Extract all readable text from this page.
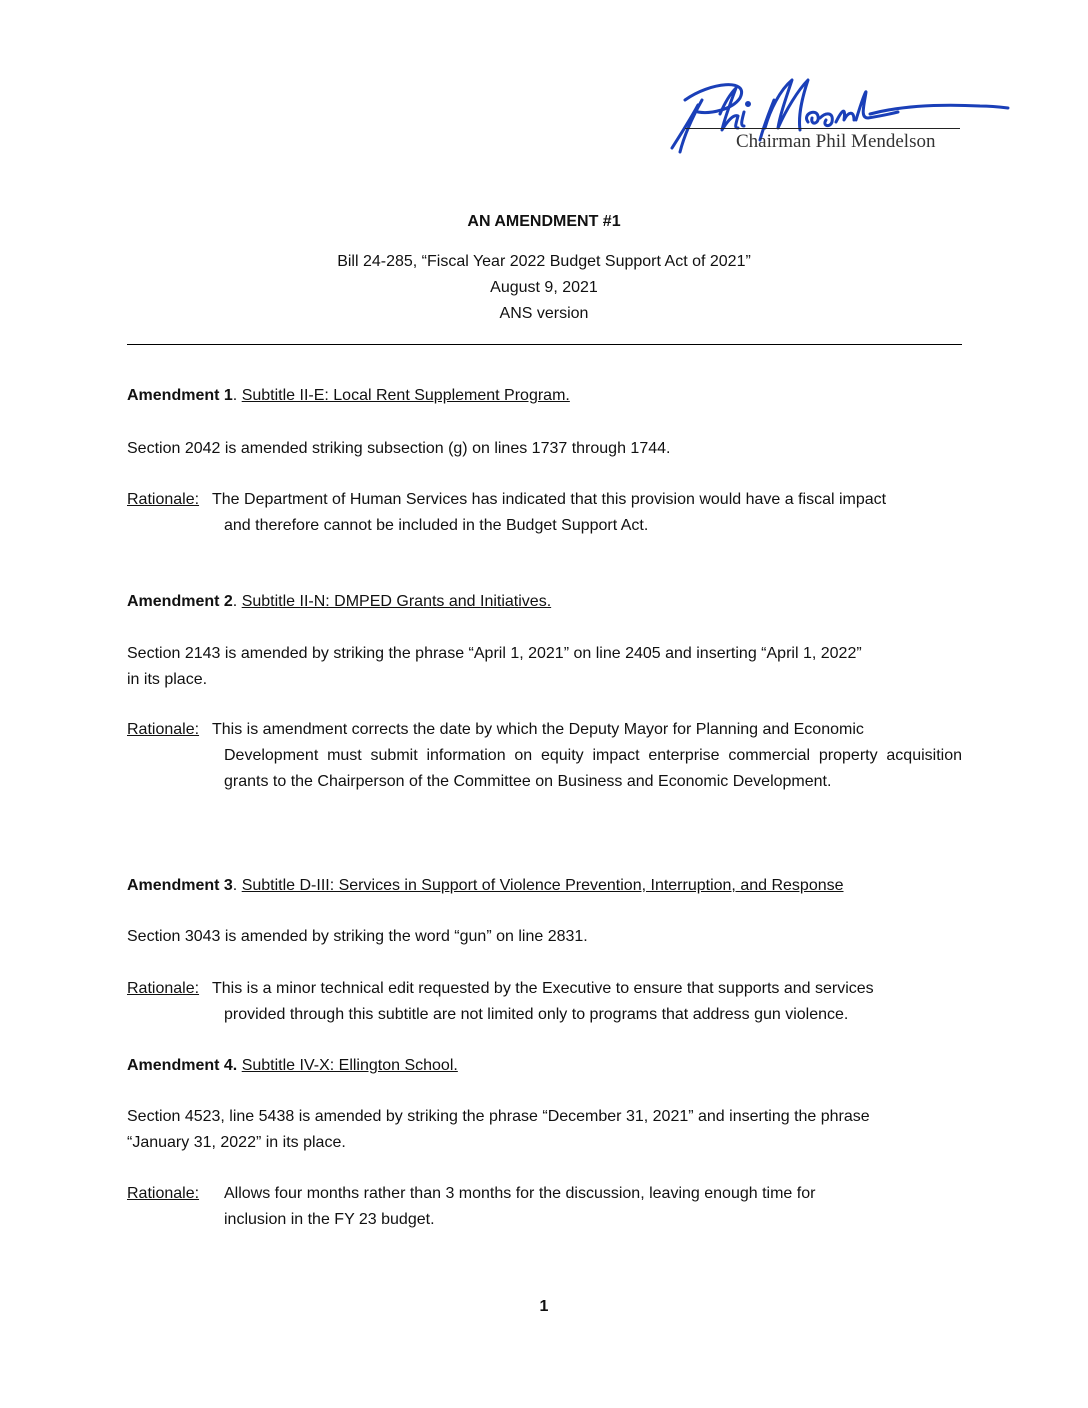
Chairman Phil Mendelson
AN AMENDMENT #1
Bill 24-285, “Fiscal Year 2022 Budget Support Act of 2021”
August 9, 2021
ANS version
Amendment 1. Subtitle II-E: Local Rent Supplement Program.
Section 2042 is amended striking subsection (g) on lines 1737 through 1744.
Rationale: The Department of Human Services has indicated that this provision would have a fiscal impact
and therefore cannot be included in the Budget Support Act.
Amendment 2. Subtitle II-N: DMPED Grants and Initiatives.
Section 2143 is amended by striking the phrase “April 1, 2021” on line 2405 and inserting “April 1, 2022”
in its place.
Rationale: This is amendment corrects the date by which the Deputy Mayor for Planning and Economic
Development must submit information on equity impact enterprise commercial property acquisition grants to the Chairperson of the Committee on Business and Economic Development.
Amendment 3. Subtitle D-III: Services in Support of Violence Prevention, Interruption, and Response
Section 3043 is amended by striking the word “gun” on line 2831.
Rationale: This is a minor technical edit requested by the Executive to ensure that supports and services
provided through this subtitle are not limited only to programs that address gun violence.
Amendment 4. Subtitle IV-X: Ellington School.
Section 4523, line 5438 is amended by striking the phrase “December 31, 2021” and inserting the phrase
“January 31, 2022” in its place.
Rationale: Allows four months rather than 3 months for the discussion, leaving enough time for
inclusion in the FY 23 budget.
1
